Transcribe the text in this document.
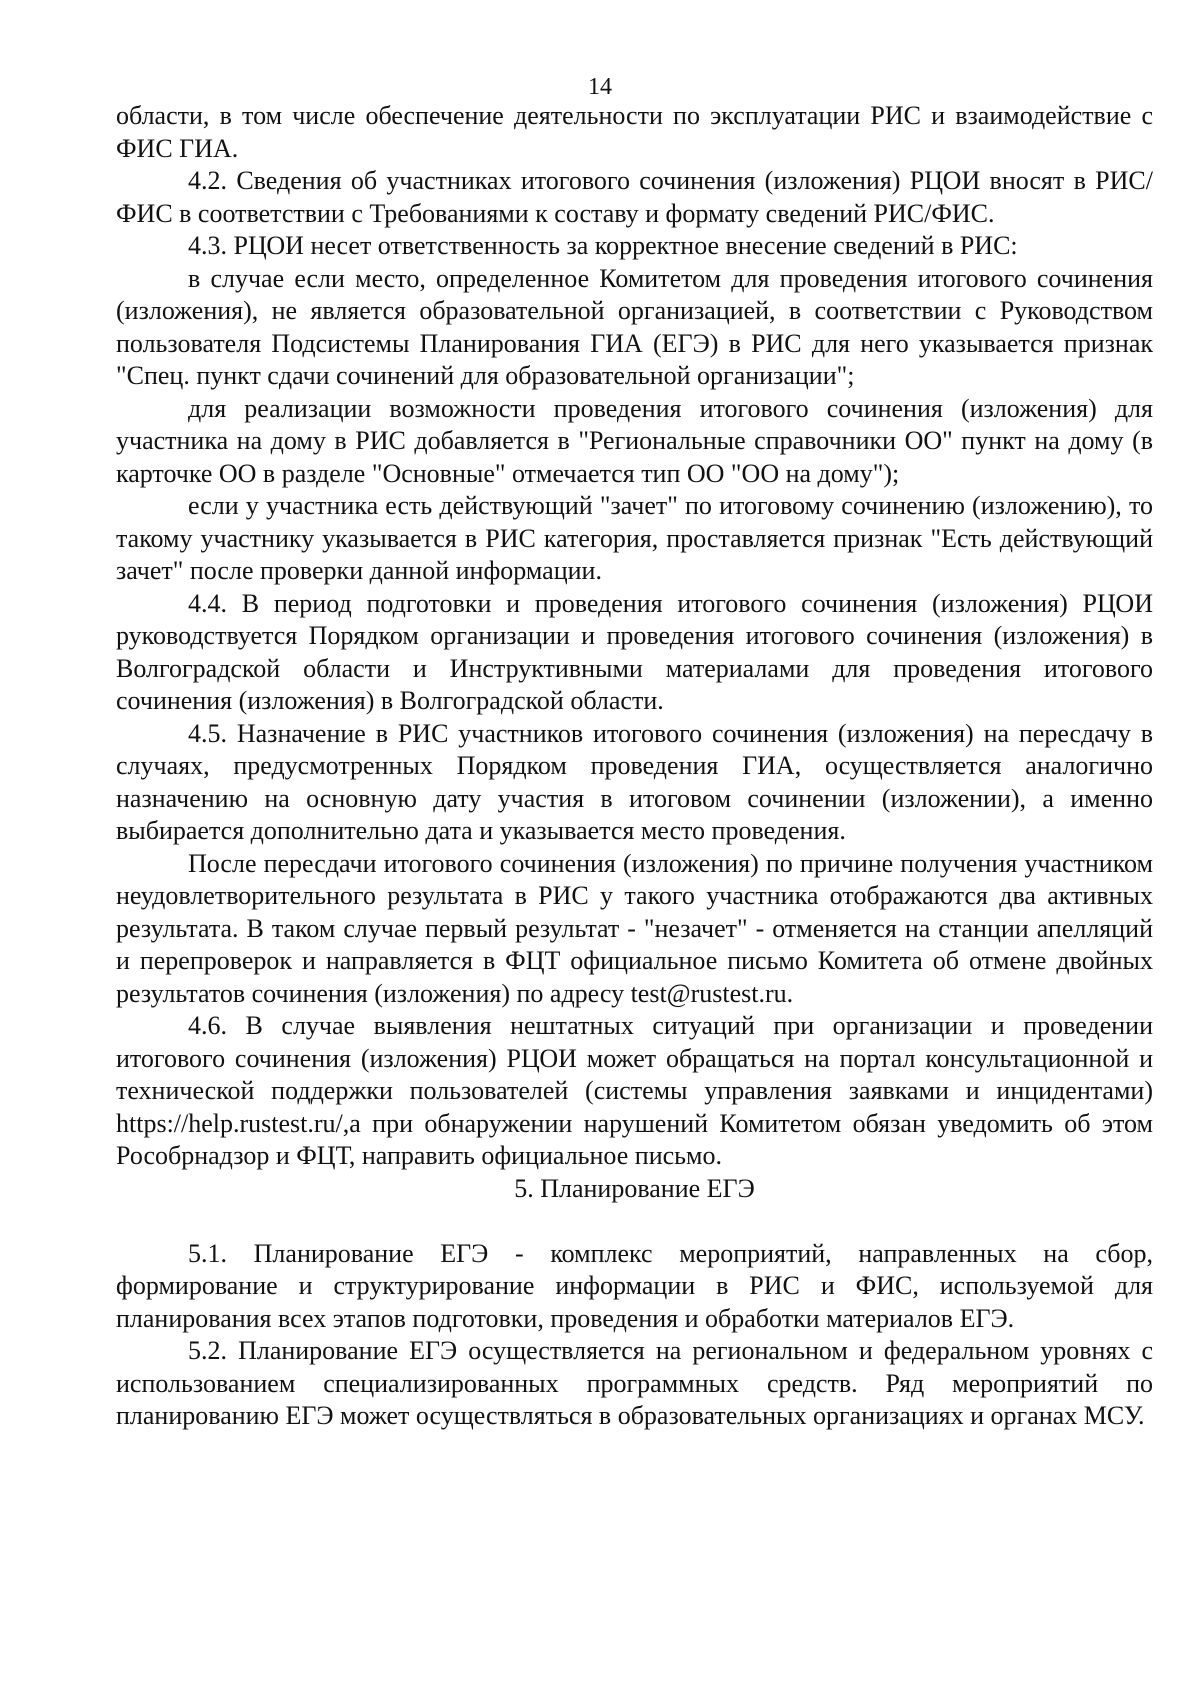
14

области, в том числе обеспечение деятельности по эксплуатации РИС и взаимодействие с ФИС ГИА.

4.2. Сведения об участниках итогового сочинения (изложения) РЦОИ вносят в РИС/ФИС в соответствии с Требованиями к составу и формату сведений РИС/ФИС.

4.3. РЦОИ несет ответственность за корректное внесение сведений в РИС:

в случае если место, определенное Комитетом для проведения итогового сочинения (изложения), не является образовательной организацией, в соответствии с Руководством пользователя Подсистемы Планирования ГИА (ЕГЭ) в РИС для него указывается признак "Спец. пункт сдачи сочинений для образовательной организации";

для реализации возможности проведения итогового сочинения (изложения) для участника на дому в РИС добавляется в "Региональные справочники ОО" пункт на дому (в карточке ОО в разделе "Основные" отмечается тип ОО "ОО на дому");

если у участника есть действующий "зачет" по итоговому сочинению (изложению), то такому участнику указывается в РИС категория, проставляется признак "Есть действующий зачет" после проверки данной информации.

4.4. В период подготовки и проведения итогового сочинения (изложения) РЦОИ руководствуется Порядком организации и проведения итогового сочинения (изложения) в Волгоградской области и Инструктивными материалами для проведения итогового сочинения (изложения) в Волгоградской области.

4.5. Назначение в РИС участников итогового сочинения (изложения) на пересдачу в случаях, предусмотренных Порядком проведения ГИА, осуществляется аналогично назначению на основную дату участия в итоговом сочинении (изложении), а именно выбирается дополнительно дата и указывается место проведения.

После пересдачи итогового сочинения (изложения) по причине получения участником неудовлетворительного результата в РИС у такого участника отображаются два активных результата. В таком случае первый результат - "незачет" - отменяется на станции апелляций и перепроверок и направляется в ФЦТ официальное письмо Комитета об отмене двойных результатов сочинения (изложения) по адресу test@rustest.ru.

4.6. В случае выявления нештатных ситуаций при организации и проведении итогового сочинения (изложения) РЦОИ может обращаться на портал консультационной и технической поддержки пользователей (системы управления заявками и инцидентами) https://help.rustest.ru/,а при обнаружении нарушений Комитетом обязан уведомить об этом Рособрнадзор и ФЦТ, направить официальное письмо.

5. Планирование ЕГЭ

5.1. Планирование ЕГЭ - комплекс мероприятий, направленных на сбор, формирование и структурирование информации в РИС и ФИС, используемой для планирования всех этапов подготовки, проведения и обработки материалов ЕГЭ.

5.2. Планирование ЕГЭ осуществляется на региональном и федеральном уровнях с использованием специализированных программных средств. Ряд мероприятий по планированию ЕГЭ может осуществляться в образовательных организациях и органах МСУ.
